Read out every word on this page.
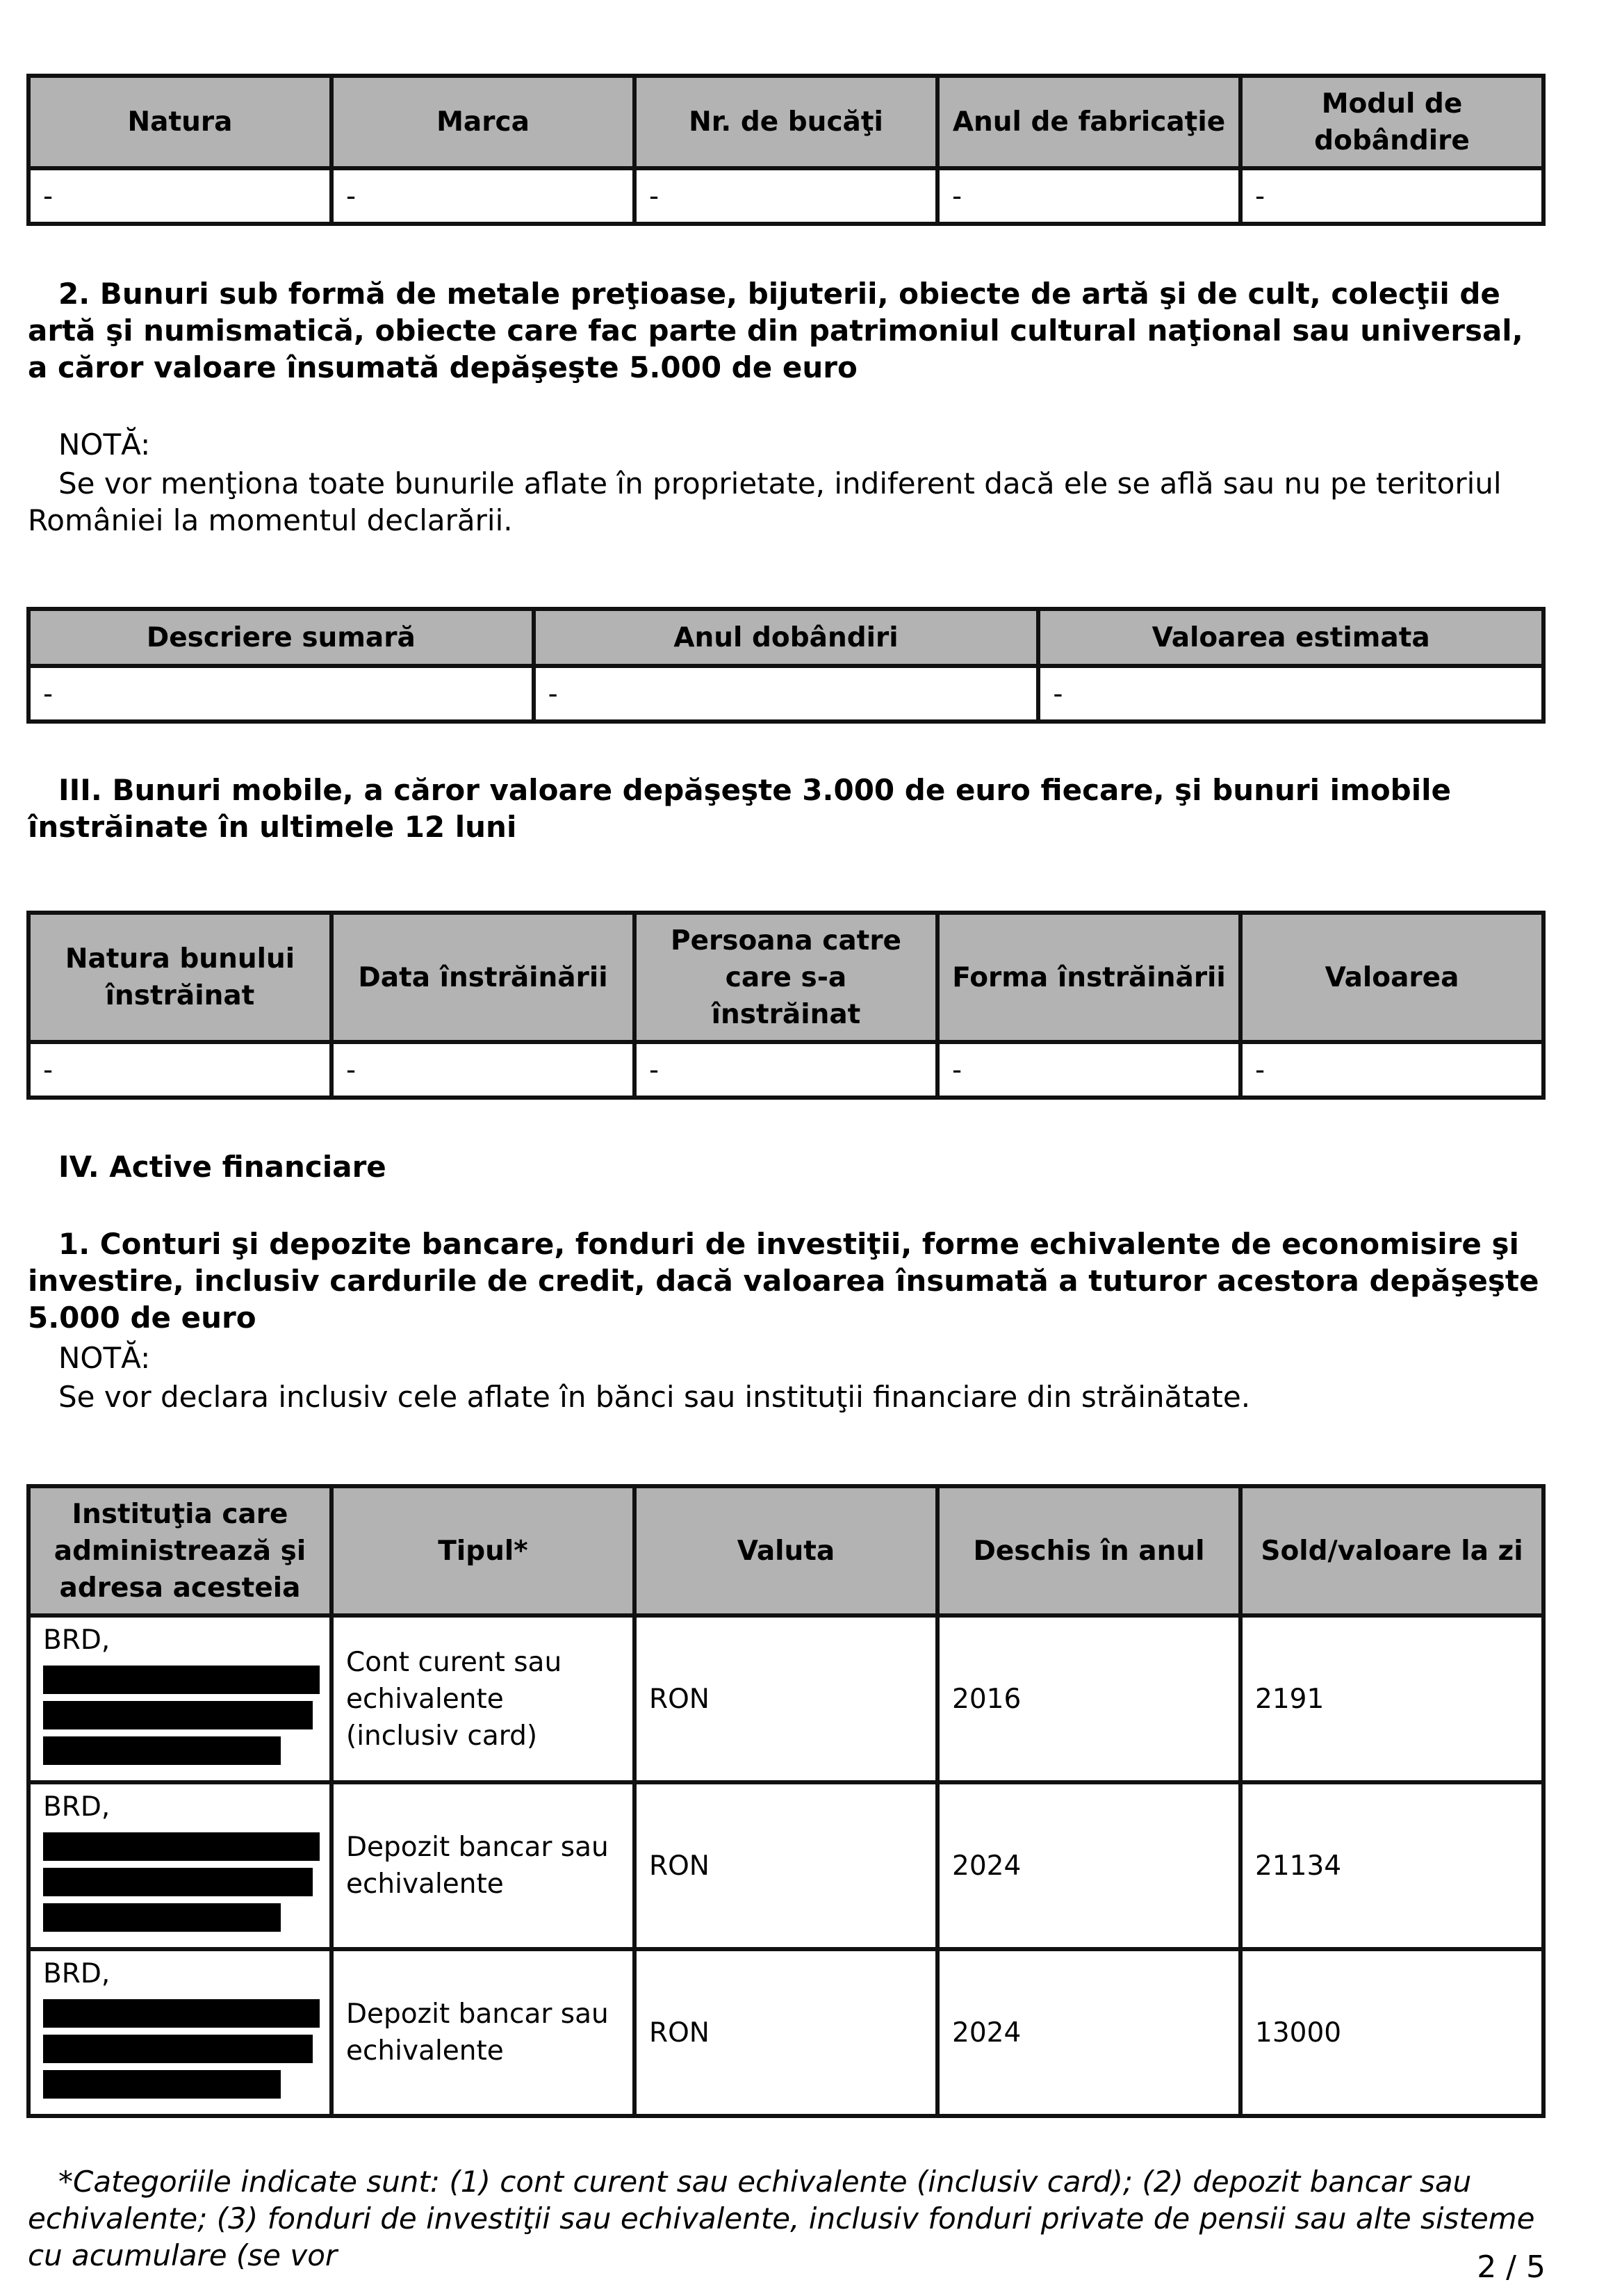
Natura	Marca	Nr. de bucăţi	Anul de fabricaţie	Modul de dobândire
-	-	-	-	-

2. Bunuri sub formă de metale preţioase, bijuterii, obiecte de artă şi de cult, colecţii de artă şi numismatică, obiecte care fac parte din patrimoniul cultural naţional sau universal, a căror valoare însumată depăşeşte 5.000 de euro

NOTĂ:

Se vor menţiona toate bunurile aflate în proprietate, indiferent dacă ele se află sau nu pe teritoriul României la momentul declarării.

Descriere sumară	Anul dobândiri	Valoarea estimata
-	-	-

III. Bunuri mobile, a căror valoare depăşeşte 3.000 de euro fiecare, şi bunuri imobile înstrăinate în ultimele 12 luni

Natura bunului înstrăinat	Data înstrăinării	Persoana catre care s-a înstrăinat	Forma înstrăinării	Valoarea
-	-	-	-	-

IV. Active financiare

1. Conturi şi depozite bancare, fonduri de investiţii, forme echivalente de economisire şi investire, inclusiv cardurile de credit, dacă valoarea însumată a tuturor acestora depăşeşte 5.000 de euro

NOTĂ:

Se vor declara inclusiv cele aflate în bănci sau instituţii financiare din străinătate.

Instituţia care administrează şi adresa acesteia	Tipul*	Valuta	Deschis în anul	Sold/valoare la zi
BRD,	Cont curent sau echivalente (inclusiv card)	RON	2016	2191
BRD,	Depozit bancar sau echivalente	RON	2024	21134
BRD,	Depozit bancar sau echivalente	RON	2024	13000

*Categoriile indicate sunt: (1) cont curent sau echivalente (inclusiv card); (2) depozit bancar sau echivalente; (3) fonduri de investiţii sau echivalente, inclusiv fonduri private de pensii sau alte sisteme cu acumulare (se vor	2 / 5
